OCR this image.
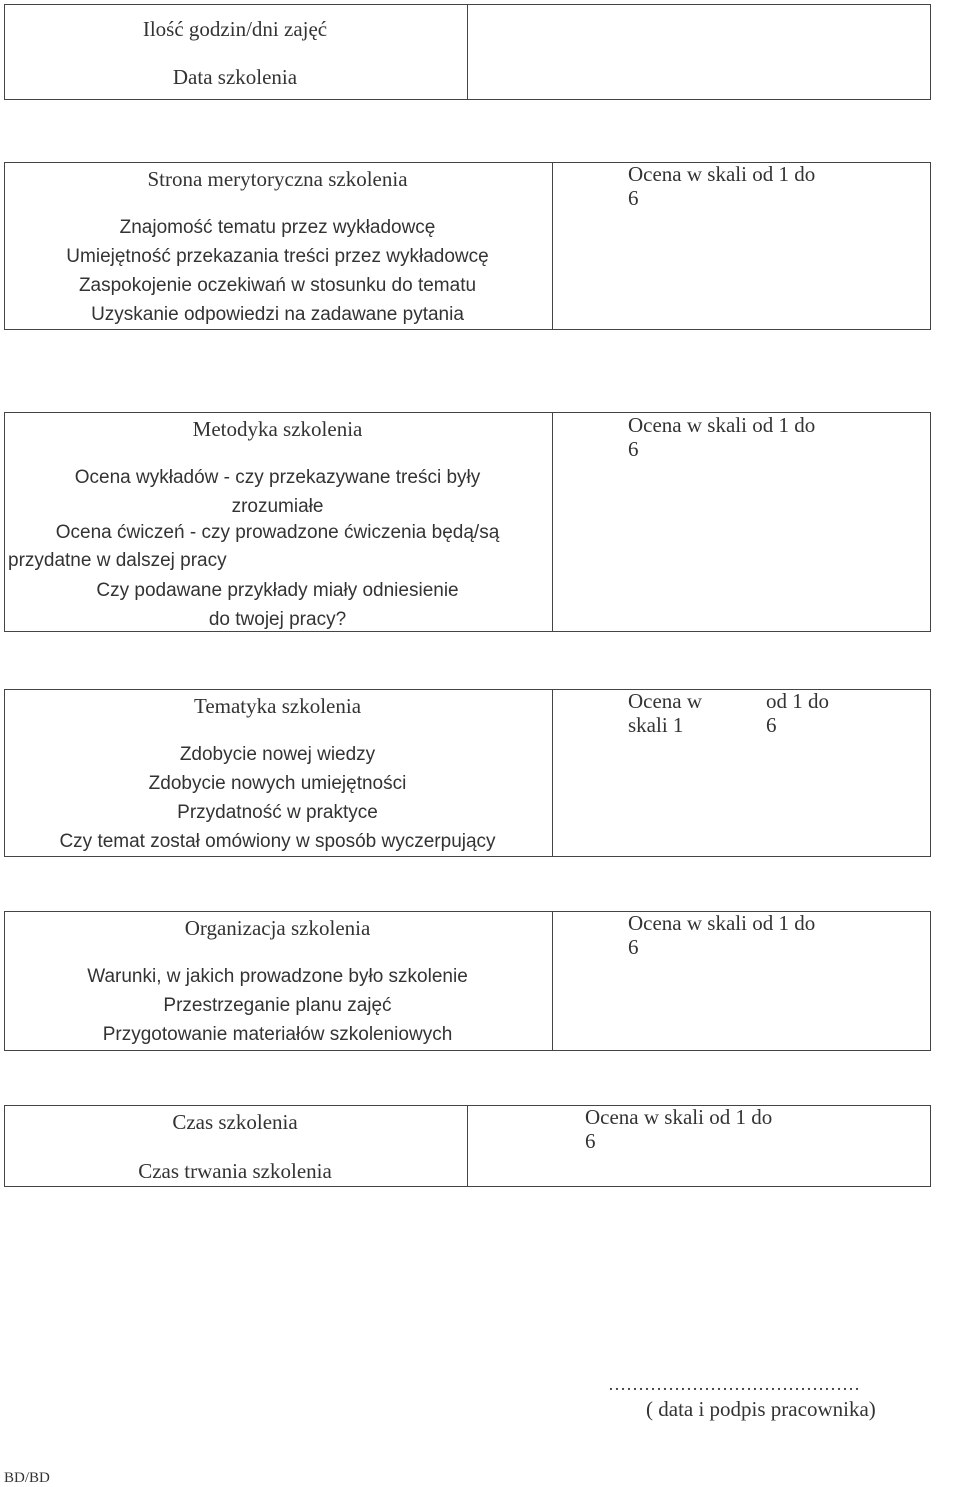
Ilość godzin/dni zajęć
Data szkolenia
Strona merytoryczna szkolenia	Ocena w skali od 1 do
6
Znajomość tematu przez wykładowcę
Umiejętność przekazania treści przez wykładowcę
Zaspokojenie oczekiwań w stosunku do tematu
Uzyskanie odpowiedzi na zadawane pytania
Metodyka szkolenia	Ocena w skali od 1 do
6
Ocena wykładów - czy przekazywane treści były
zrozumiałe
Ocena ćwiczeń - czy prowadzone ćwiczenia będą/są
przydatne w dalszej pracy
Czy podawane przykłady miały odniesienie
do twojej pracy?
Tematyka szkolenia	Ocena w
skali 1
od 1 do
6
Zdobycie nowej wiedzy
Zdobycie nowych umiejętności
Przydatność w praktyce
Czy temat został omówiony w sposób wyczerpujący
Organizacja szkolenia	Ocena w skali od 1 do
6
Warunki, w jakich prowadzone było szkolenie
Przestrzeganie planu zajęć
Przygotowanie materiałów szkoleniowych
Czas szkolenia	Ocena w skali od 1 do
6
Czas trwania szkolenia
……………………………………
( data i podpis pracownika)
BD/BD
